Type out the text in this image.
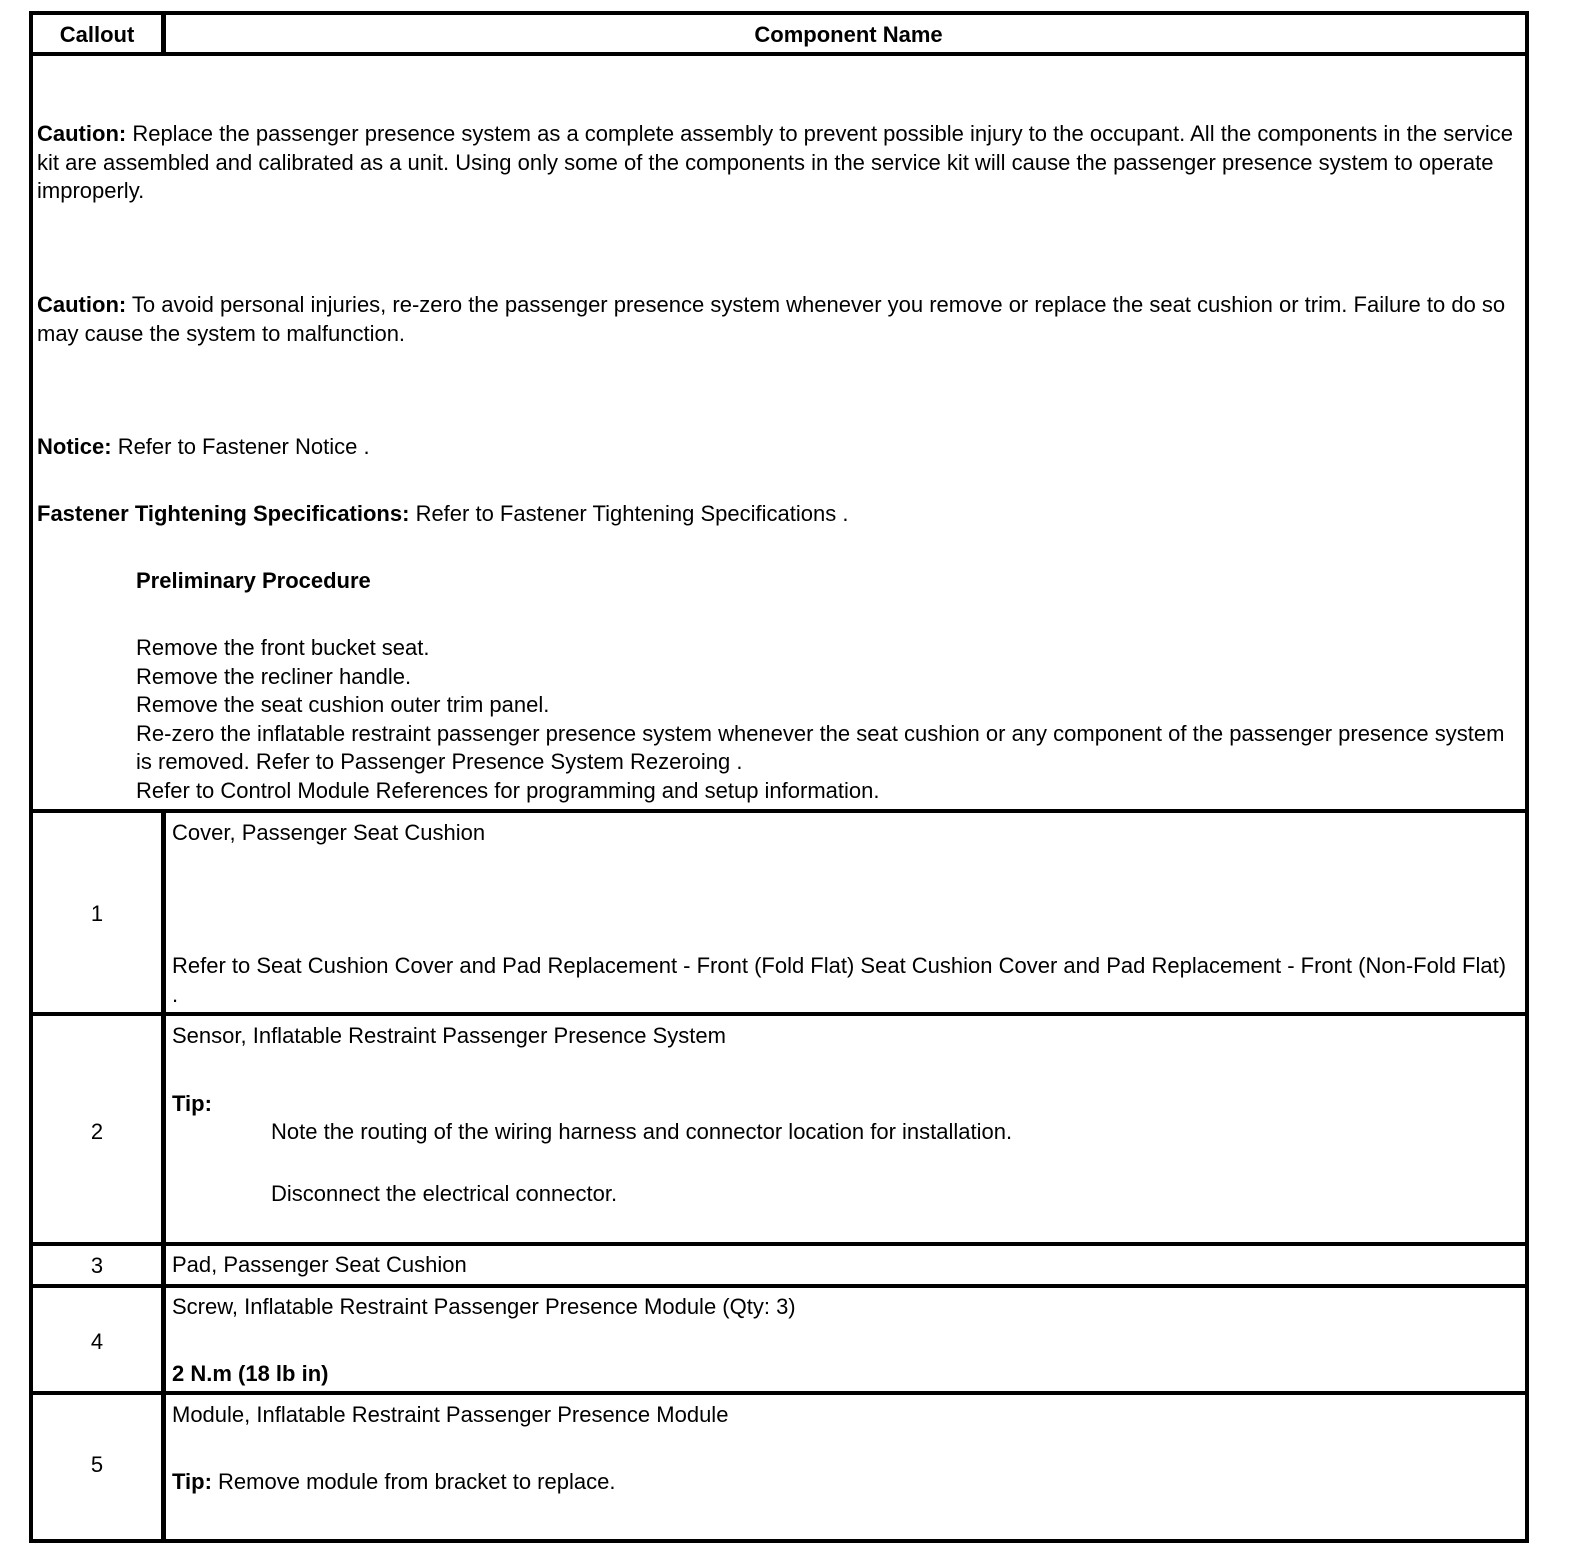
Callout	Component Name
Caution: Replace the passenger presence system as a complete assembly to prevent possible injury to the occupant. All the components in the service kit are assembled and calibrated as a unit. Using only some of the components in the service kit will cause the passenger presence system to operate improperly.
Caution: To avoid personal injuries, re-zero the passenger presence system whenever you remove or replace the seat cushion or trim. Failure to do so may cause the system to malfunction.
Notice: Refer to Fastener Notice .
Fastener Tightening Specifications: Refer to Fastener Tightening Specifications .
Preliminary Procedure
Remove the front bucket seat.
Remove the recliner handle.
Remove the seat cushion outer trim panel.
Re-zero the inflatable restraint passenger presence system whenever the seat cushion or any component of the passenger presence system is removed. Refer to Passenger Presence System Rezeroing .
Refer to Control Module References for programming and setup information.
1
Cover, Passenger Seat Cushion
Refer to Seat Cushion Cover and Pad Replacement - Front (Fold Flat) Seat Cushion Cover and Pad Replacement - Front (Non-Fold Flat) .
2
Sensor, Inflatable Restraint Passenger Presence System
Tip:
Note the routing of the wiring harness and connector location for installation.
Disconnect the electrical connector.
3	Pad, Passenger Seat Cushion
4
Screw, Inflatable Restraint Passenger Presence Module (Qty: 3)
2 N.m (18 lb in)
5
Module, Inflatable Restraint Passenger Presence Module
Tip: Remove module from bracket to replace.
